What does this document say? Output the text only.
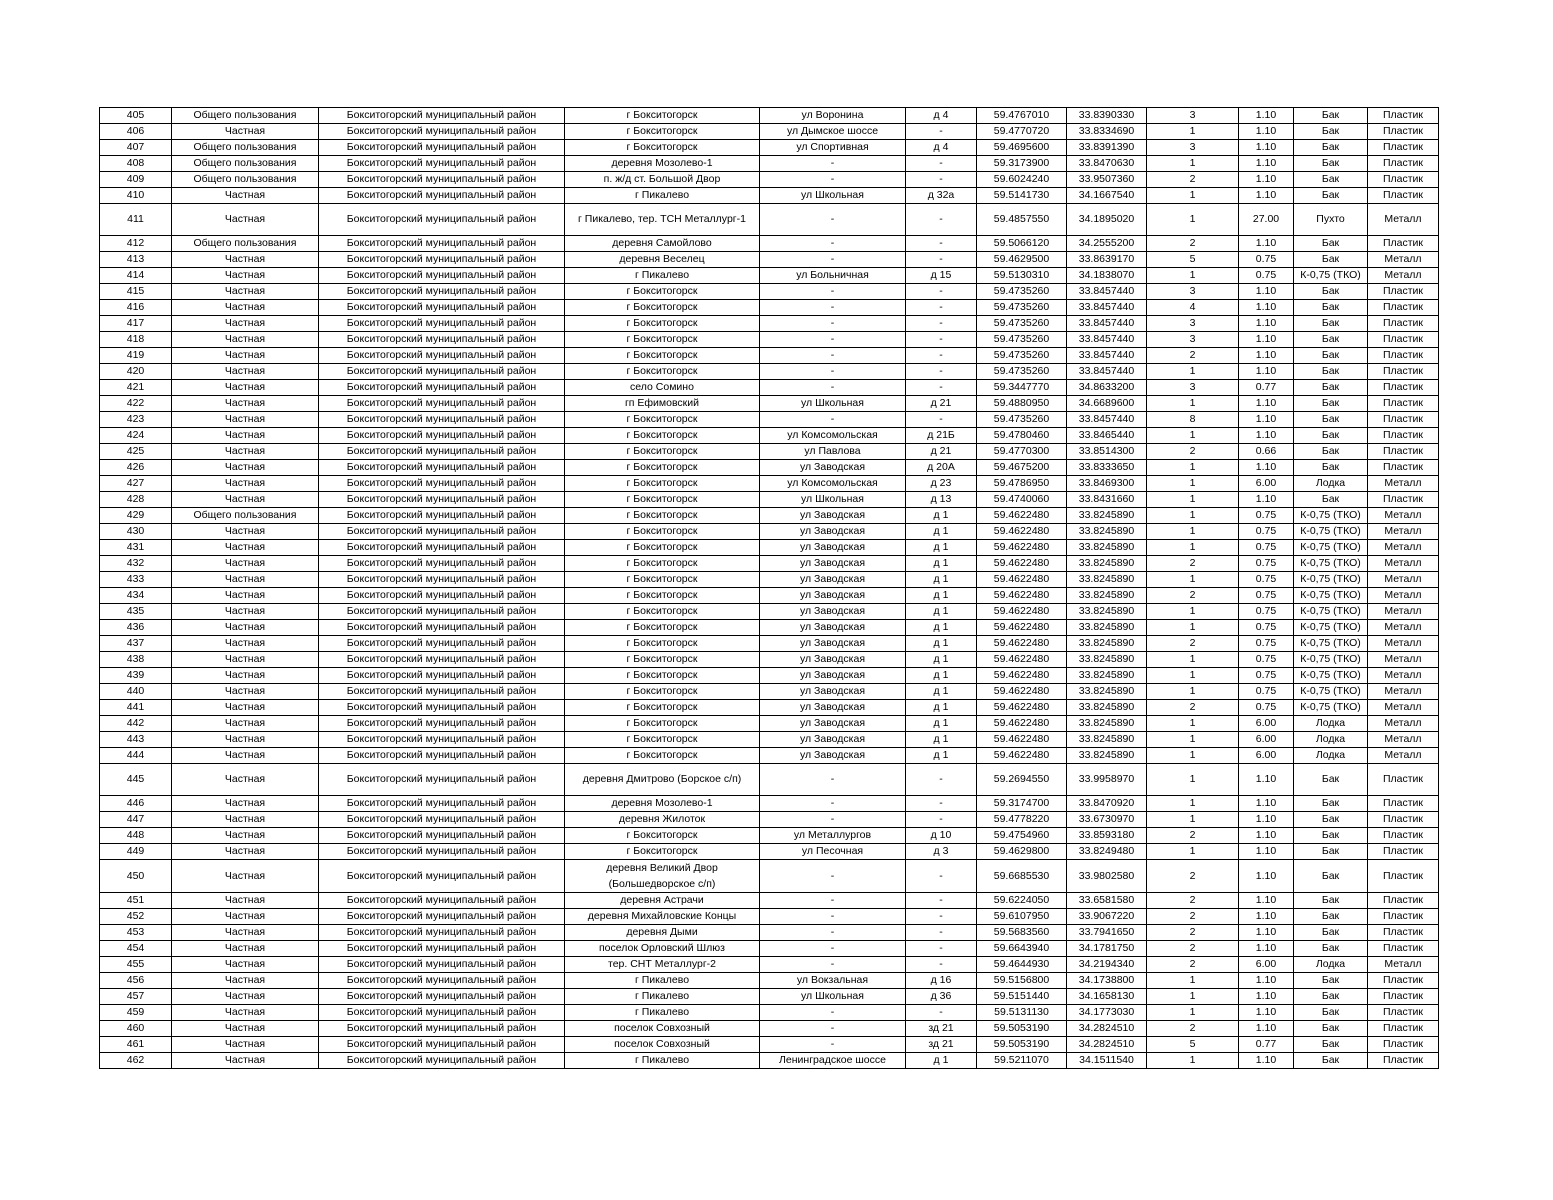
405	Общего пользования	Бокситогорский муниципальный район	г Бокситогорск	ул Воронина	д 4	59.4767010	33.8390330	3	1.10	Бак	Пластик
406	Частная	Бокситогорский муниципальный район	г Бокситогорск	ул Дымское шоссе	-	59.4770720	33.8334690	1	1.10	Бак	Пластик
407	Общего пользования	Бокситогорский муниципальный район	г Бокситогорск	ул Спортивная	д 4	59.4695600	33.8391390	3	1.10	Бак	Пластик
408	Общего пользования	Бокситогорский муниципальный район	деревня Мозолево-1	-	-	59.3173900	33.8470630	1	1.10	Бак	Пластик
409	Общего пользования	Бокситогорский муниципальный район	п. ж/д ст. Большой Двор	-	-	59.6024240	33.9507360	2	1.10	Бак	Пластик
410	Частная	Бокситогорский муниципальный район	г Пикалево	ул Школьная	д 32а	59.5141730	34.1667540	1	1.10	Бак	Пластик
411	Частная	Бокситогорский муниципальный район	г Пикалево, тер. ТСН Металлург-1	-	-	59.4857550	34.1895020	1	27.00	Пухто	Металл
412	Общего пользования	Бокситогорский муниципальный район	деревня Самойлово	-	-	59.5066120	34.2555200	2	1.10	Бак	Пластик
413	Частная	Бокситогорский муниципальный район	деревня Веселец	-	-	59.4629500	33.8639170	5	0.75	Бак	Металл
414	Частная	Бокситогорский муниципальный район	г Пикалево	ул Больничная	д 15	59.5130310	34.1838070	1	0.75	К-0,75 (ТКО)	Металл
415	Частная	Бокситогорский муниципальный район	г Бокситогорск	-	-	59.4735260	33.8457440	3	1.10	Бак	Пластик
416	Частная	Бокситогорский муниципальный район	г Бокситогорск	-	-	59.4735260	33.8457440	4	1.10	Бак	Пластик
417	Частная	Бокситогорский муниципальный район	г Бокситогорск	-	-	59.4735260	33.8457440	3	1.10	Бак	Пластик
418	Частная	Бокситогорский муниципальный район	г Бокситогорск	-	-	59.4735260	33.8457440	3	1.10	Бак	Пластик
419	Частная	Бокситогорский муниципальный район	г Бокситогорск	-	-	59.4735260	33.8457440	2	1.10	Бак	Пластик
420	Частная	Бокситогорский муниципальный район	г Бокситогорск	-	-	59.4735260	33.8457440	1	1.10	Бак	Пластик
421	Частная	Бокситогорский муниципальный район	село Сомино	-	-	59.3447770	34.8633200	3	0.77	Бак	Пластик
422	Частная	Бокситогорский муниципальный район	гп Ефимовский	ул Школьная	д 21	59.4880950	34.6689600	1	1.10	Бак	Пластик
423	Частная	Бокситогорский муниципальный район	г Бокситогорск	-	-	59.4735260	33.8457440	8	1.10	Бак	Пластик
424	Частная	Бокситогорский муниципальный район	г Бокситогорск	ул Комсомольская	д 21Б	59.4780460	33.8465440	1	1.10	Бак	Пластик
425	Частная	Бокситогорский муниципальный район	г Бокситогорск	ул Павлова	д 21	59.4770300	33.8514300	2	0.66	Бак	Пластик
426	Частная	Бокситогорский муниципальный район	г Бокситогорск	ул Заводская	д 20А	59.4675200	33.8333650	1	1.10	Бак	Пластик
427	Частная	Бокситогорский муниципальный район	г Бокситогорск	ул Комсомольская	д 23	59.4786950	33.8469300	1	6.00	Лодка	Металл
428	Частная	Бокситогорский муниципальный район	г Бокситогорск	ул Школьная	д 13	59.4740060	33.8431660	1	1.10	Бак	Пластик
429	Общего пользования	Бокситогорский муниципальный район	г Бокситогорск	ул Заводская	д 1	59.4622480	33.8245890	1	0.75	К-0,75 (ТКО)	Металл
430	Частная	Бокситогорский муниципальный район	г Бокситогорск	ул Заводская	д 1	59.4622480	33.8245890	1	0.75	К-0,75 (ТКО)	Металл
431	Частная	Бокситогорский муниципальный район	г Бокситогорск	ул Заводская	д 1	59.4622480	33.8245890	1	0.75	К-0,75 (ТКО)	Металл
432	Частная	Бокситогорский муниципальный район	г Бокситогорск	ул Заводская	д 1	59.4622480	33.8245890	2	0.75	К-0,75 (ТКО)	Металл
433	Частная	Бокситогорский муниципальный район	г Бокситогорск	ул Заводская	д 1	59.4622480	33.8245890	1	0.75	К-0,75 (ТКО)	Металл
434	Частная	Бокситогорский муниципальный район	г Бокситогорск	ул Заводская	д 1	59.4622480	33.8245890	2	0.75	К-0,75 (ТКО)	Металл
435	Частная	Бокситогорский муниципальный район	г Бокситогорск	ул Заводская	д 1	59.4622480	33.8245890	1	0.75	К-0,75 (ТКО)	Металл
436	Частная	Бокситогорский муниципальный район	г Бокситогорск	ул Заводская	д 1	59.4622480	33.8245890	1	0.75	К-0,75 (ТКО)	Металл
437	Частная	Бокситогорский муниципальный район	г Бокситогорск	ул Заводская	д 1	59.4622480	33.8245890	2	0.75	К-0,75 (ТКО)	Металл
438	Частная	Бокситогорский муниципальный район	г Бокситогорск	ул Заводская	д 1	59.4622480	33.8245890	1	0.75	К-0,75 (ТКО)	Металл
439	Частная	Бокситогорский муниципальный район	г Бокситогорск	ул Заводская	д 1	59.4622480	33.8245890	1	0.75	К-0,75 (ТКО)	Металл
440	Частная	Бокситогорский муниципальный район	г Бокситогорск	ул Заводская	д 1	59.4622480	33.8245890	1	0.75	К-0,75 (ТКО)	Металл
441	Частная	Бокситогорский муниципальный район	г Бокситогорск	ул Заводская	д 1	59.4622480	33.8245890	2	0.75	К-0,75 (ТКО)	Металл
442	Частная	Бокситогорский муниципальный район	г Бокситогорск	ул Заводская	д 1	59.4622480	33.8245890	1	6.00	Лодка	Металл
443	Частная	Бокситогорский муниципальный район	г Бокситогорск	ул Заводская	д 1	59.4622480	33.8245890	1	6.00	Лодка	Металл
444	Частная	Бокситогорский муниципальный район	г Бокситогорск	ул Заводская	д 1	59.4622480	33.8245890	1	6.00	Лодка	Металл
445	Частная	Бокситогорский муниципальный район	деревня Дмитрово (Борское с/п)	-	-	59.2694550	33.9958970	1	1.10	Бак	Пластик
446	Частная	Бокситогорский муниципальный район	деревня Мозолево-1	-	-	59.3174700	33.8470920	1	1.10	Бак	Пластик
447	Частная	Бокситогорский муниципальный район	деревня Жилоток	-	-	59.4778220	33.6730970	1	1.10	Бак	Пластик
448	Частная	Бокситогорский муниципальный район	г Бокситогорск	ул Металлургов	д 10	59.4754960	33.8593180	2	1.10	Бак	Пластик
449	Частная	Бокситогорский муниципальный район	г Бокситогорск	ул Песочная	д 3	59.4629800	33.8249480	1	1.10	Бак	Пластик
450	Частная	Бокситогорский муниципальный район	деревня Великий Двор (Большедворское с/п)	-	-	59.6685530	33.9802580	2	1.10	Бак	Пластик
451	Частная	Бокситогорский муниципальный район	деревня Астрачи	-	-	59.6224050	33.6581580	2	1.10	Бак	Пластик
452	Частная	Бокситогорский муниципальный район	деревня Михайловские Концы	-	-	59.6107950	33.9067220	2	1.10	Бак	Пластик
453	Частная	Бокситогорский муниципальный район	деревня Дыми	-	-	59.5683560	33.7941650	2	1.10	Бак	Пластик
454	Частная	Бокситогорский муниципальный район	поселок Орловский Шлюз	-	-	59.6643940	34.1781750	2	1.10	Бак	Пластик
455	Частная	Бокситогорский муниципальный район	тер. СНТ Металлург-2	-	-	59.4644930	34.2194340	2	6.00	Лодка	Металл
456	Частная	Бокситогорский муниципальный район	г Пикалево	ул Вокзальная	д 16	59.5156800	34.1738800	1	1.10	Бак	Пластик
457	Частная	Бокситогорский муниципальный район	г Пикалево	ул Школьная	д 36	59.5151440	34.1658130	1	1.10	Бак	Пластик
459	Частная	Бокситогорский муниципальный район	г Пикалево	-	-	59.5131130	34.1773030	1	1.10	Бак	Пластик
460	Частная	Бокситогорский муниципальный район	поселок Совхозный	-	зд 21	59.5053190	34.2824510	2	1.10	Бак	Пластик
461	Частная	Бокситогорский муниципальный район	поселок Совхозный	-	зд 21	59.5053190	34.2824510	5	0.77	Бак	Пластик
462	Частная	Бокситогорский муниципальный район	г Пикалево	Ленинградское шоссе	д 1	59.5211070	34.1511540	1	1.10	Бак	Пластик
